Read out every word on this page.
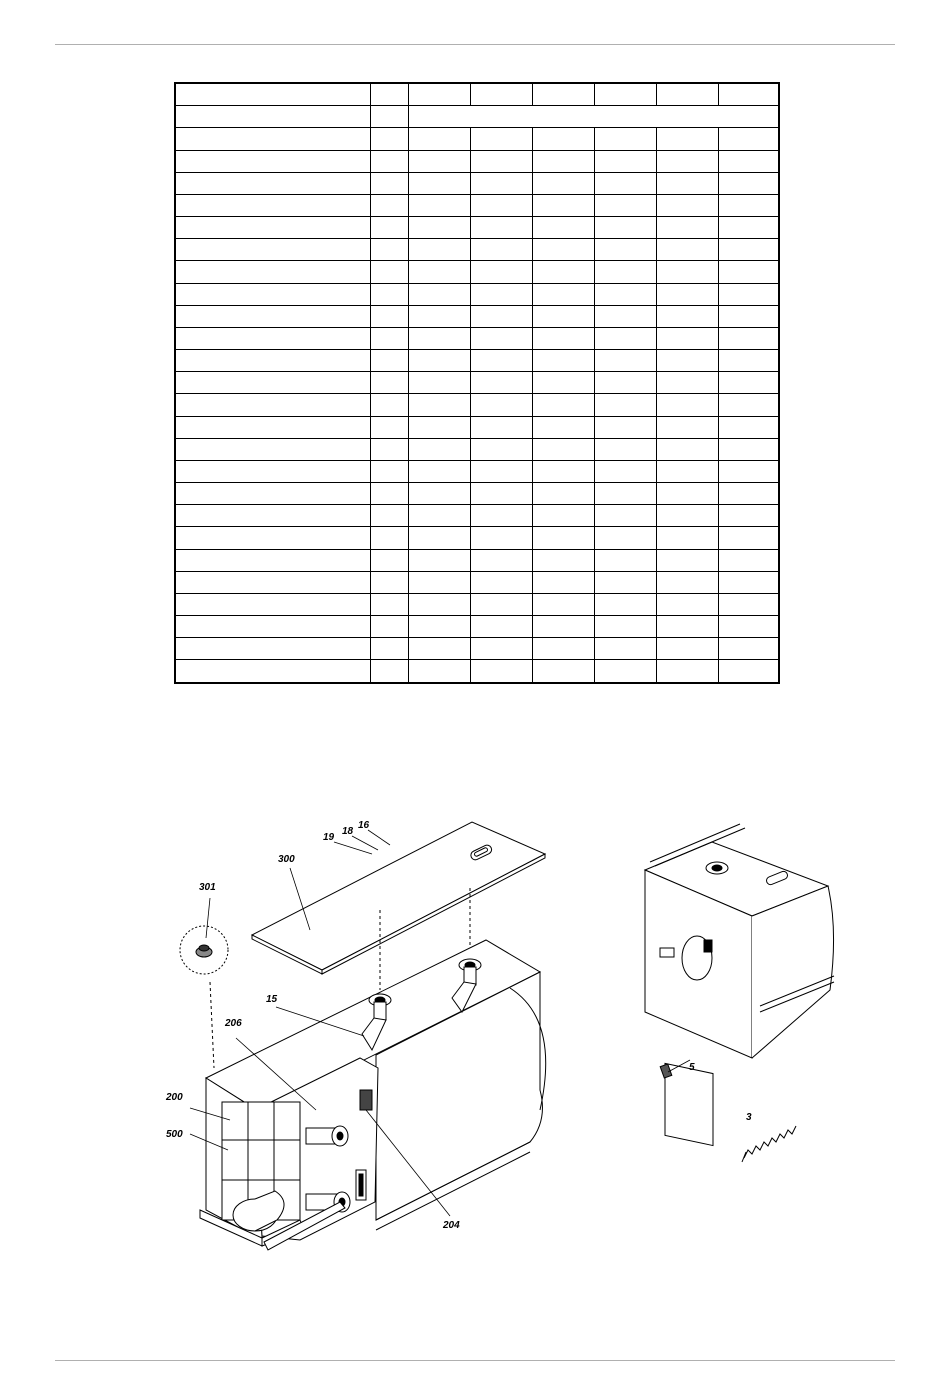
16
18
19
300
301
15
206
200
500
204
5
3
